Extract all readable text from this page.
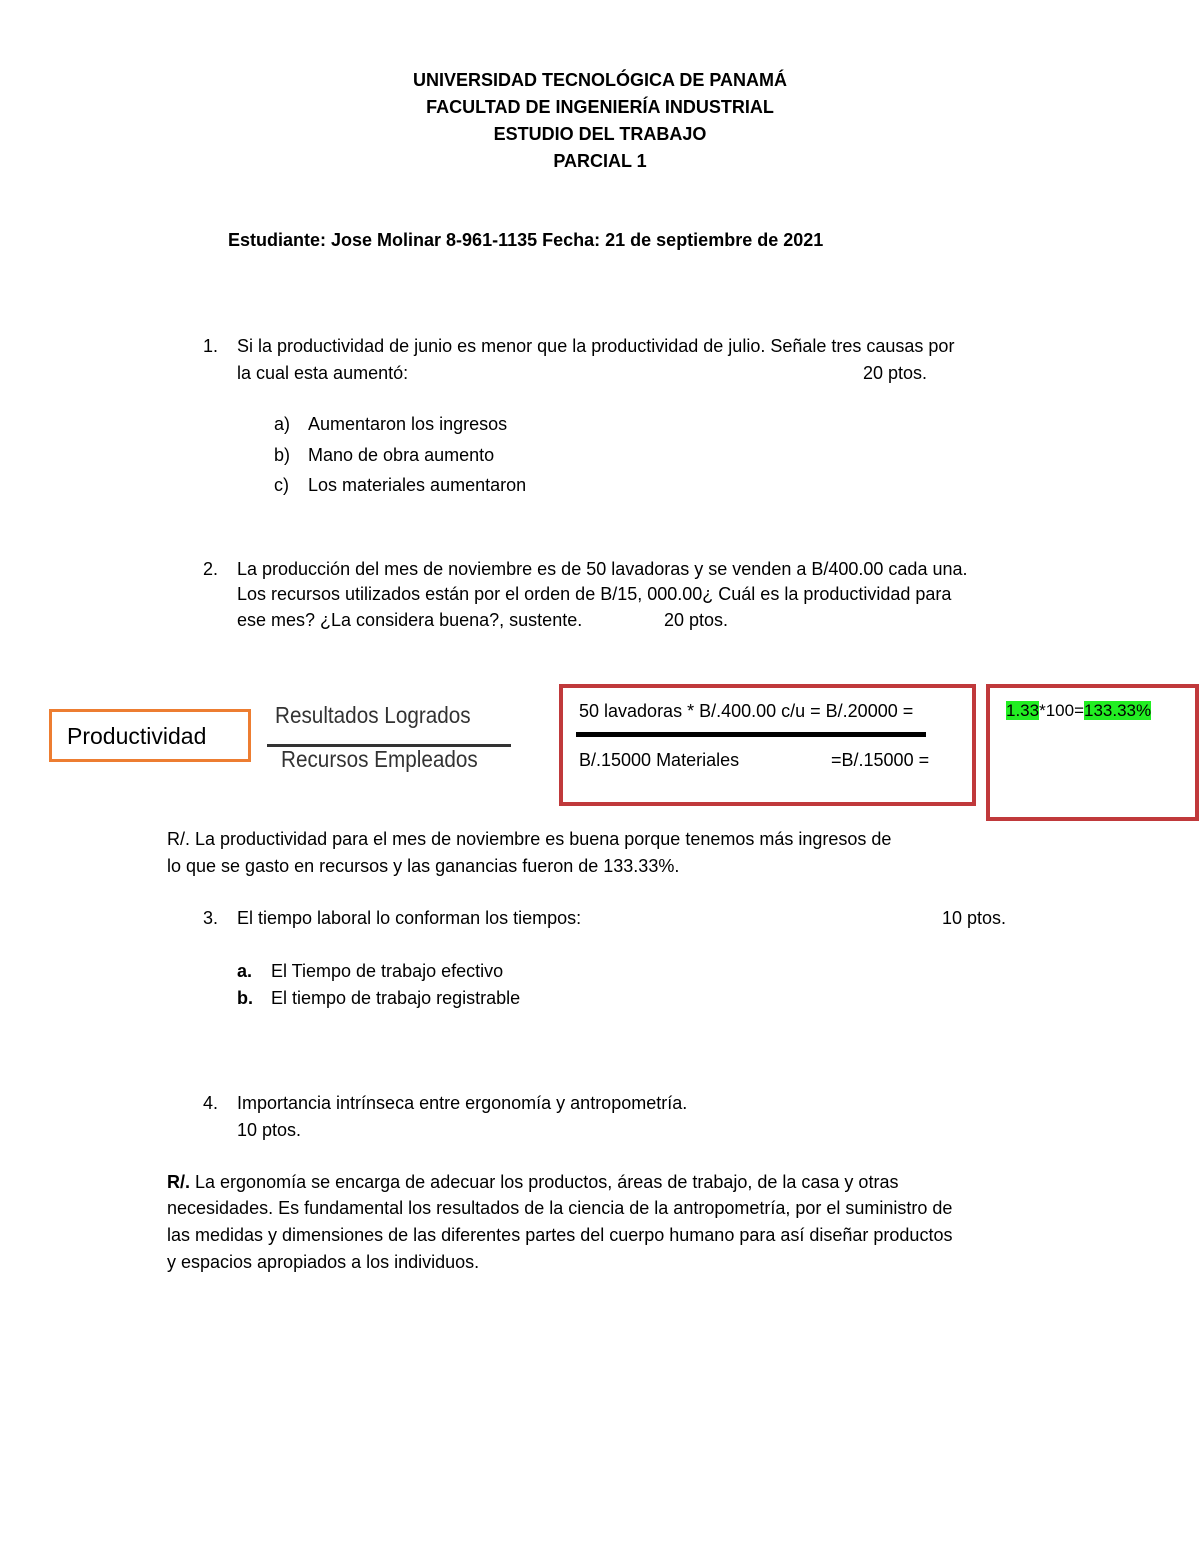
UNIVERSIDAD TECNOLÓGICA DE PANAMÁ
FACULTAD DE INGENIERÍA INDUSTRIAL
ESTUDIO DEL TRABAJO
PARCIAL 1
Estudiante: Jose Molinar 8-961-1135 Fecha: 21 de septiembre de 2021
1. Si la productividad de junio es menor que la productividad de julio. Señale tres causas por
la cual esta aumentó:	20 ptos.
a) Aumentaron los ingresos
b) Mano de obra aumento
c) Los materiales aumentaron
2. La producción del mes de noviembre es de 50 lavadoras y se venden a B/400.00 cada una.
Los recursos utilizados están por el orden de B/15, 000.00¿ Cuál es la productividad para
ese mes? ¿La considera buena?, sustente.	20 ptos.
Productividad
Resultados Logrados
Recursos Empleados
50 lavadoras * B/.400.00 c/u = B/.20000 =
B/.15000 Materiales	=B/.15000 =
1.33*100=133.33%
R/. La productividad para el mes de noviembre es buena porque tenemos más ingresos de
lo que se gasto en recursos y las ganancias fueron de 133.33%.
3. El tiempo laboral lo conforman los tiempos:	10 ptos.
a. El Tiempo de trabajo efectivo
b. El tiempo de trabajo registrable
4. Importancia intrínseca entre ergonomía y antropometría.
10 ptos.
R/. La ergonomía se encarga de adecuar los productos, áreas de trabajo, de la casa y otras
necesidades. Es fundamental los resultados de la ciencia de la antropometría, por el suministro de
las medidas y dimensiones de las diferentes partes del cuerpo humano para así diseñar productos
y espacios apropiados a los individuos.
